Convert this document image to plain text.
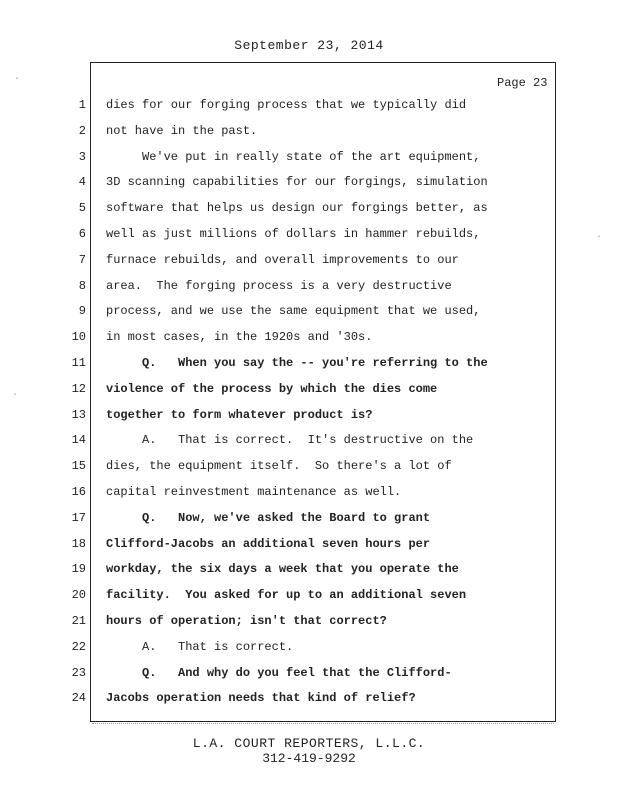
September 23, 2014
Page 23
1 dies for our forging process that we typically did
2 not have in the past.
3 We've put in really state of the art equipment,
4 3D scanning capabilities for our forgings, simulation
5 software that helps us design our forgings better, as
6 well as just millions of dollars in hammer rebuilds,
7 furnace rebuilds, and overall improvements to our
8 area.  The forging process is a very destructive
9 process, and we use the same equipment that we used,
10 in most cases, in the 1920s and '30s.
11 Q.   When you say the -- you're referring to the
12 violence of the process by which the dies come
13 together to form whatever product is?
14 A.   That is correct.  It's destructive on the
15 dies, the equipment itself.  So there's a lot of
16 capital reinvestment maintenance as well.
17 Q.   Now, we've asked the Board to grant
18 Clifford-Jacobs an additional seven hours per
19 workday, the six days a week that you operate the
20 facility.  You asked for up to an additional seven
21 hours of operation; isn't that correct?
22 A.   That is correct.
23 Q.   And why do you feel that the Clifford-
24 Jacobs operation needs that kind of relief?
L.A. COURT REPORTERS, L.L.C.
312-419-9292
·
·
·
